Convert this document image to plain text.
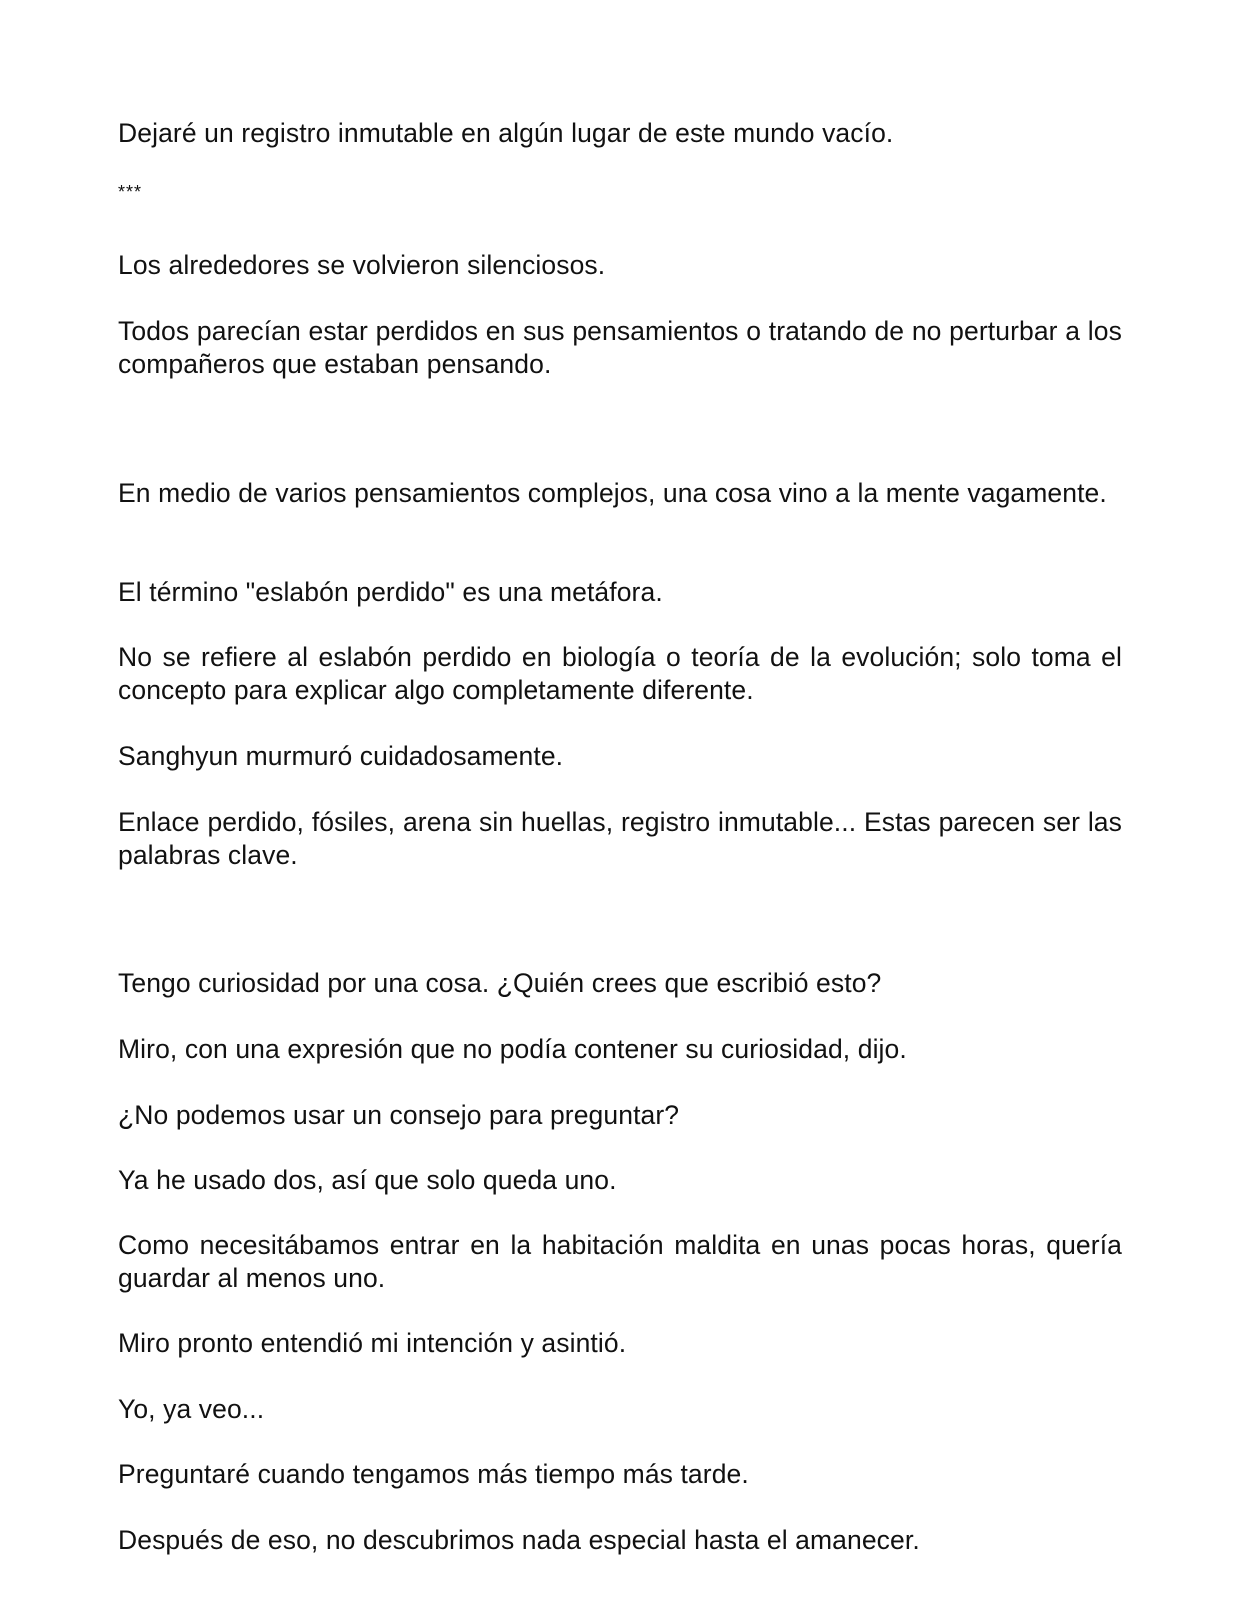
Dejaré un registro inmutable en algún lugar de este mundo vacío.

***

Los alrededores se volvieron silenciosos.

Todos parecían estar perdidos en sus pensamientos o tratando de no perturbar a los compañeros que estaban pensando.

En medio de varios pensamientos complejos, una cosa vino a la mente vagamente.

El término "eslabón perdido" es una metáfora.

No se refiere al eslabón perdido en biología o teoría de la evolución; solo toma el concepto para explicar algo completamente diferente.

Sanghyun murmuró cuidadosamente.

Enlace perdido, fósiles, arena sin huellas, registro inmutable... Estas parecen ser las palabras clave.

Tengo curiosidad por una cosa. ¿Quién crees que escribió esto?

Miro, con una expresión que no podía contener su curiosidad, dijo.

¿No podemos usar un consejo para preguntar?

Ya he usado dos, así que solo queda uno.

Como necesitábamos entrar en la habitación maldita en unas pocas horas, quería guardar al menos uno.

Miro pronto entendió mi intención y asintió.

Yo, ya veo...

Preguntaré cuando tengamos más tiempo más tarde.

Después de eso, no descubrimos nada especial hasta el amanecer.
